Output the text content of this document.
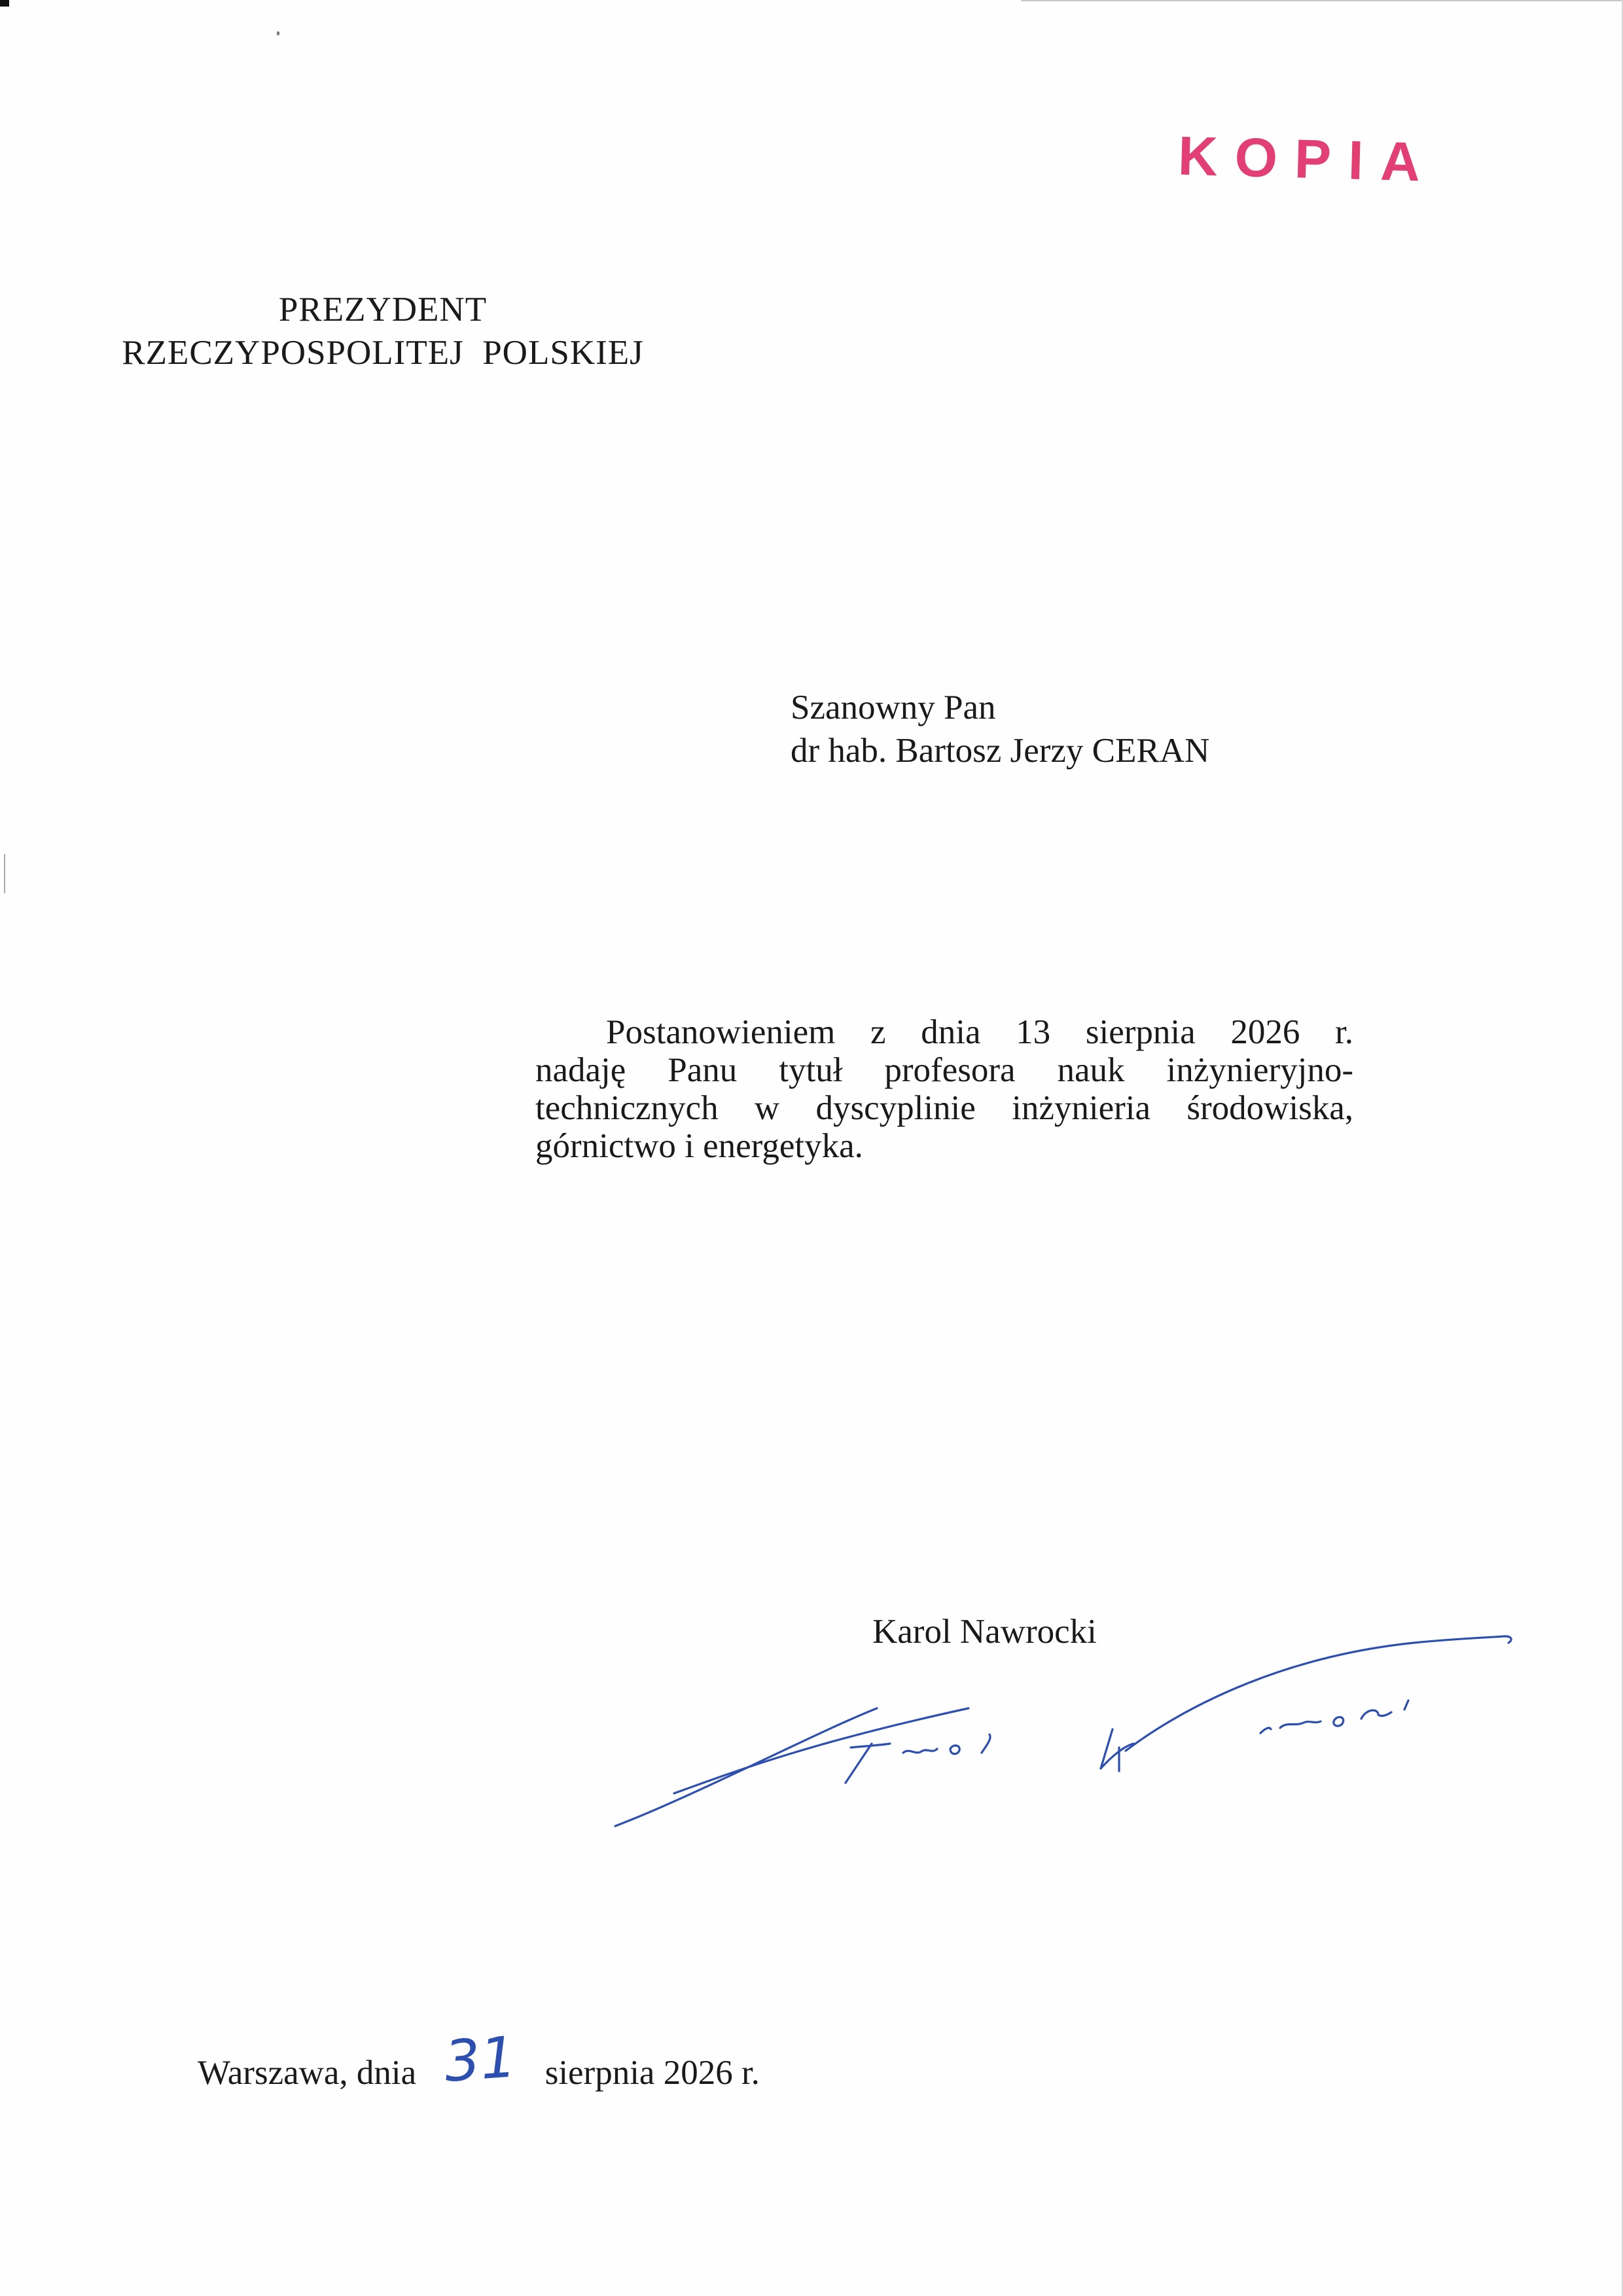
KOPIA
PREZYDENT
RZECZYPOSPOLITEJ  POLSKIEJ
Szanowny Pan
dr hab. Bartosz Jerzy CERAN
Postanowieniem z dnia 13 sierpnia 2026 r.
nadaję Panu tytuł profesora nauk inżynieryjno-
technicznych w dyscyplinie inżynieria środowiska,
górnictwo i energetyka.
Karol Nawrocki
Warszawa, dnia 31 sierpnia 2026 r.
